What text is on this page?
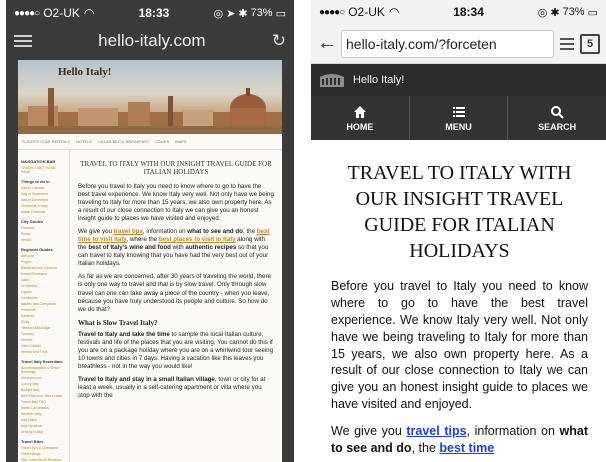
●●●●○ O2-UK ◠	18:33	◎ ➤ ✱ 73% ▭
hello-italy.com	↻
Hello Italy!
FLIGHTS / CAR RENTALS HOTELS VILLAS BED & BREAKFAST TOURS MAPS
NAVIGATION BAR
TRAVEL ITALY HOME PAGE
Things to do in
Italy in October
Italy in November
Italy in December
Christmas in Italy
Italian Festivals
City Guides
Florence
Rome
Venice
Regional Guides
Abruzzo
Puglia
Basilicata and Calabria
Emilia Romagna
Lazio
Le Marche
Liguria
Lombardia
Naples and Campania
Piedmont
Sardinia
Sicily
Trentino Alto Adige
Tuscany
Umbria
Valle d'Aosta
Veneto and Friuli
Travel Italy Essentials
Accommodation & Travel Bookings
Honeymoons
Luxury Italy
Budget Italy
Best Places to Visit in Italy
Travel Italy FAQ
Italian Landmarks
Weather Italy
Italy Maps
Italy Reviews
Driving in Italy
Travel Bites
Travel Tips & Questions
Travel Blogs
Italy Travel Book Reviews
TRAVEL TO ITALY WITH OUR INSIGHT TRAVEL GUIDE FOR ITALIAN HOLIDAYS

Before you travel to Italy you need to know where to go to have the best travel experience. We know Italy very well. Not only have we being traveling to Italy for more than 15 years, we also own property here. As a result of our close connection to Italy we can give you an honest insight guide to places we have visited and enjoyed.

We give you travel tips, information on what to see and do, the best time to visit Italy, where the best places to visit in Italy along with the best of Italy's wine and food with authentic recipes so that you can travel to Italy knowing that you have had the very best out of your Italian holidays.

As far as we are concerned, after 30 years of traveling the world, there is only one way to travel and that is by slow travel. Only through slow travel can one can take away a piece of the country - when you leave, because you have truly understood its people and culture. So how do we do that?

What is Slow Travel Italy?

Travel to Italy and take the time to sample the local Italian culture, festivals and life of the places that you are visiting. You cannot do this if you are on a package holiday where you are on a whirlwind tour seeing 10 towns and cities in 7 days. Having a vacation like this leaves you breathless - not in the way you would like!

Travel to Italy and stay in a small Italian village, town or city for at least a week, usually in a self-catering apartment or villa where you stop with the

●●●●○ O2-UK ◠	18:34	◎ ✱ 73% ▭
← hello-italy.com/?forceten	5
Hello Italy!
HOME	MENU	SEARCH
TRAVEL TO ITALY WITH OUR INSIGHT TRAVEL GUIDE FOR ITALIAN HOLIDAYS

Before you travel to Italy you need to know where to go to have the best travel experience. We know Italy very well. Not only have we being traveling to Italy for more than 15 years, we also own property here. As a result of our close connection to Italy we can give you an honest insight guide to places we have visited and enjoyed.

We give you travel tips, information on what to see and do, the best time
